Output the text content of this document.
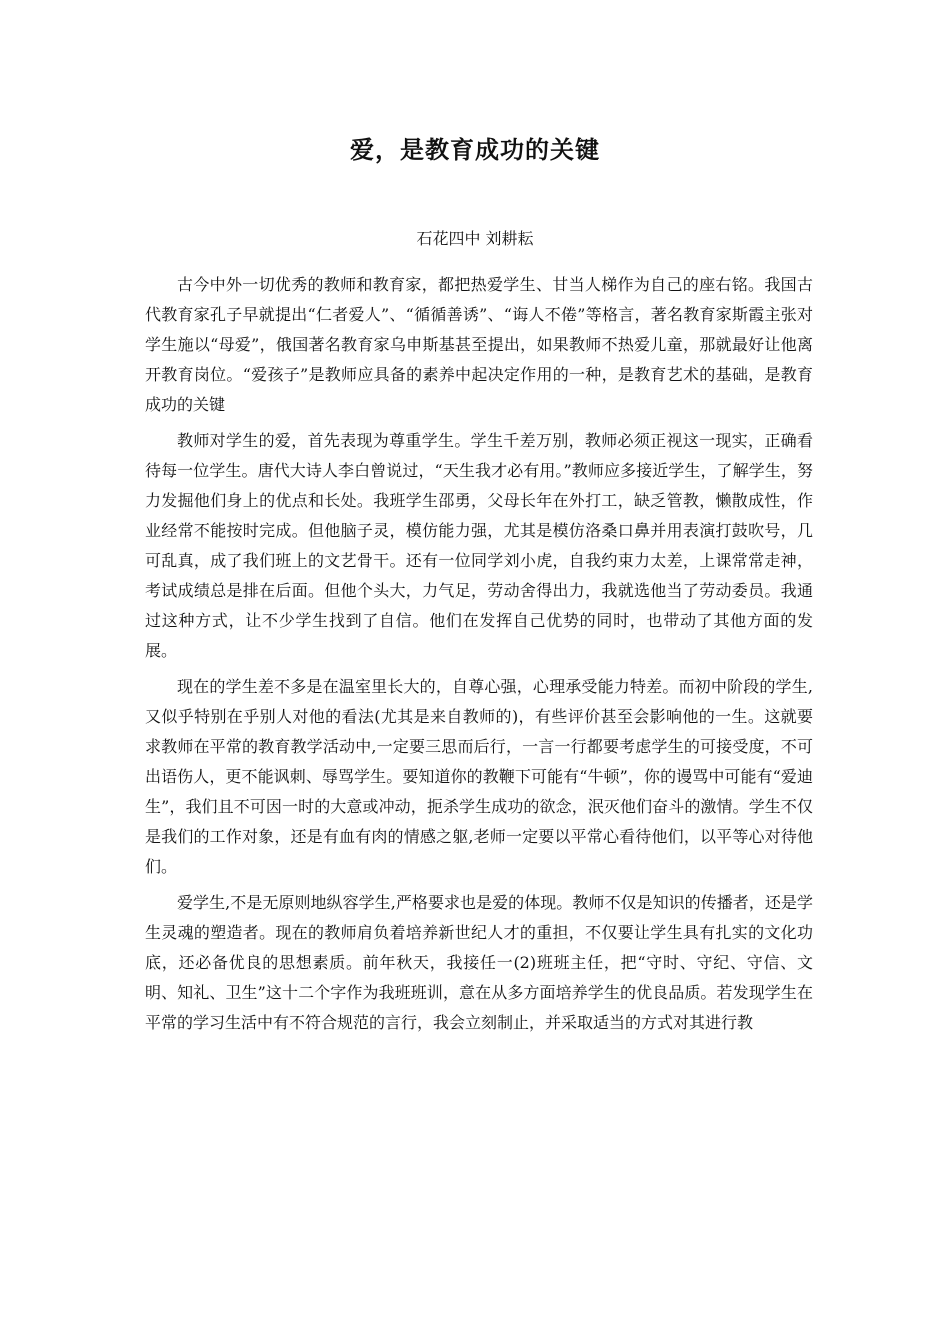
爱，是教育成功的关键

石花四中 刘耕耘

古今中外一切优秀的教师和教育家，都把热爱学生、甘当人梯作为自己的座右铭。我国古代教育家孔子早就提出“仁者爱人”、“循循善诱”、“诲人不倦”等格言，著名教育家斯霞主张对学生施以“母爱”，俄国著名教育家乌申斯基甚至提出，如果教师不热爱儿童，那就最好让他离开教育岗位。“爱孩子”是教师应具备的素养中起决定作用的一种，是教育艺术的基础，是教育成功的关键

教师对学生的爱，首先表现为尊重学生。学生千差万别，教师必须正视这一现实，正确看待每一位学生。唐代大诗人李白曾说过，“天生我才必有用。”教师应多接近学生，了解学生，努力发掘他们身上的优点和长处。我班学生邵勇，父母长年在外打工，缺乏管教，懒散成性，作业经常不能按时完成。但他脑子灵，模仿能力强，尤其是模仿洛桑口鼻并用表演打鼓吹号，几可乱真，成了我们班上的文艺骨干。还有一位同学刘小虎，自我约束力太差，上课常常走神，考试成绩总是排在后面。但他个头大，力气足，劳动舍得出力，我就选他当了劳动委员。我通过这种方式，让不少学生找到了自信。他们在发挥自己优势的同时，也带动了其他方面的发展。

现在的学生差不多是在温室里长大的，自尊心强，心理承受能力特差。而初中阶段的学生,又似乎特别在乎别人对他的看法(尤其是来自教师的)，有些评价甚至会影响他的一生。这就要求教师在平常的教育教学活动中,一定要三思而后行，一言一行都要考虑学生的可接受度，不可出语伤人，更不能讽刺、辱骂学生。要知道你的教鞭下可能有“牛顿”，你的谩骂中可能有“爱迪生”，我们且不可因一时的大意或冲动，扼杀学生成功的欲念，泯灭他们奋斗的激情。学生不仅是我们的工作对象，还是有血有肉的情感之躯,老师一定要以平常心看待他们，以平等心对待他们。

爱学生,不是无原则地纵容学生,严格要求也是爱的体现。教师不仅是知识的传播者，还是学生灵魂的塑造者。现在的教师肩负着培养新世纪人才的重担，不仅要让学生具有扎实的文化功底，还必备优良的思想素质。前年秋天，我接任一(2)班班主任，把“守时、守纪、守信、文明、知礼、卫生”这十二个字作为我班班训，意在从多方面培养学生的优良品质。若发现学生在平常的学习生活中有不符合规范的言行，我会立刻制止，并采取适当的方式对其进行教
